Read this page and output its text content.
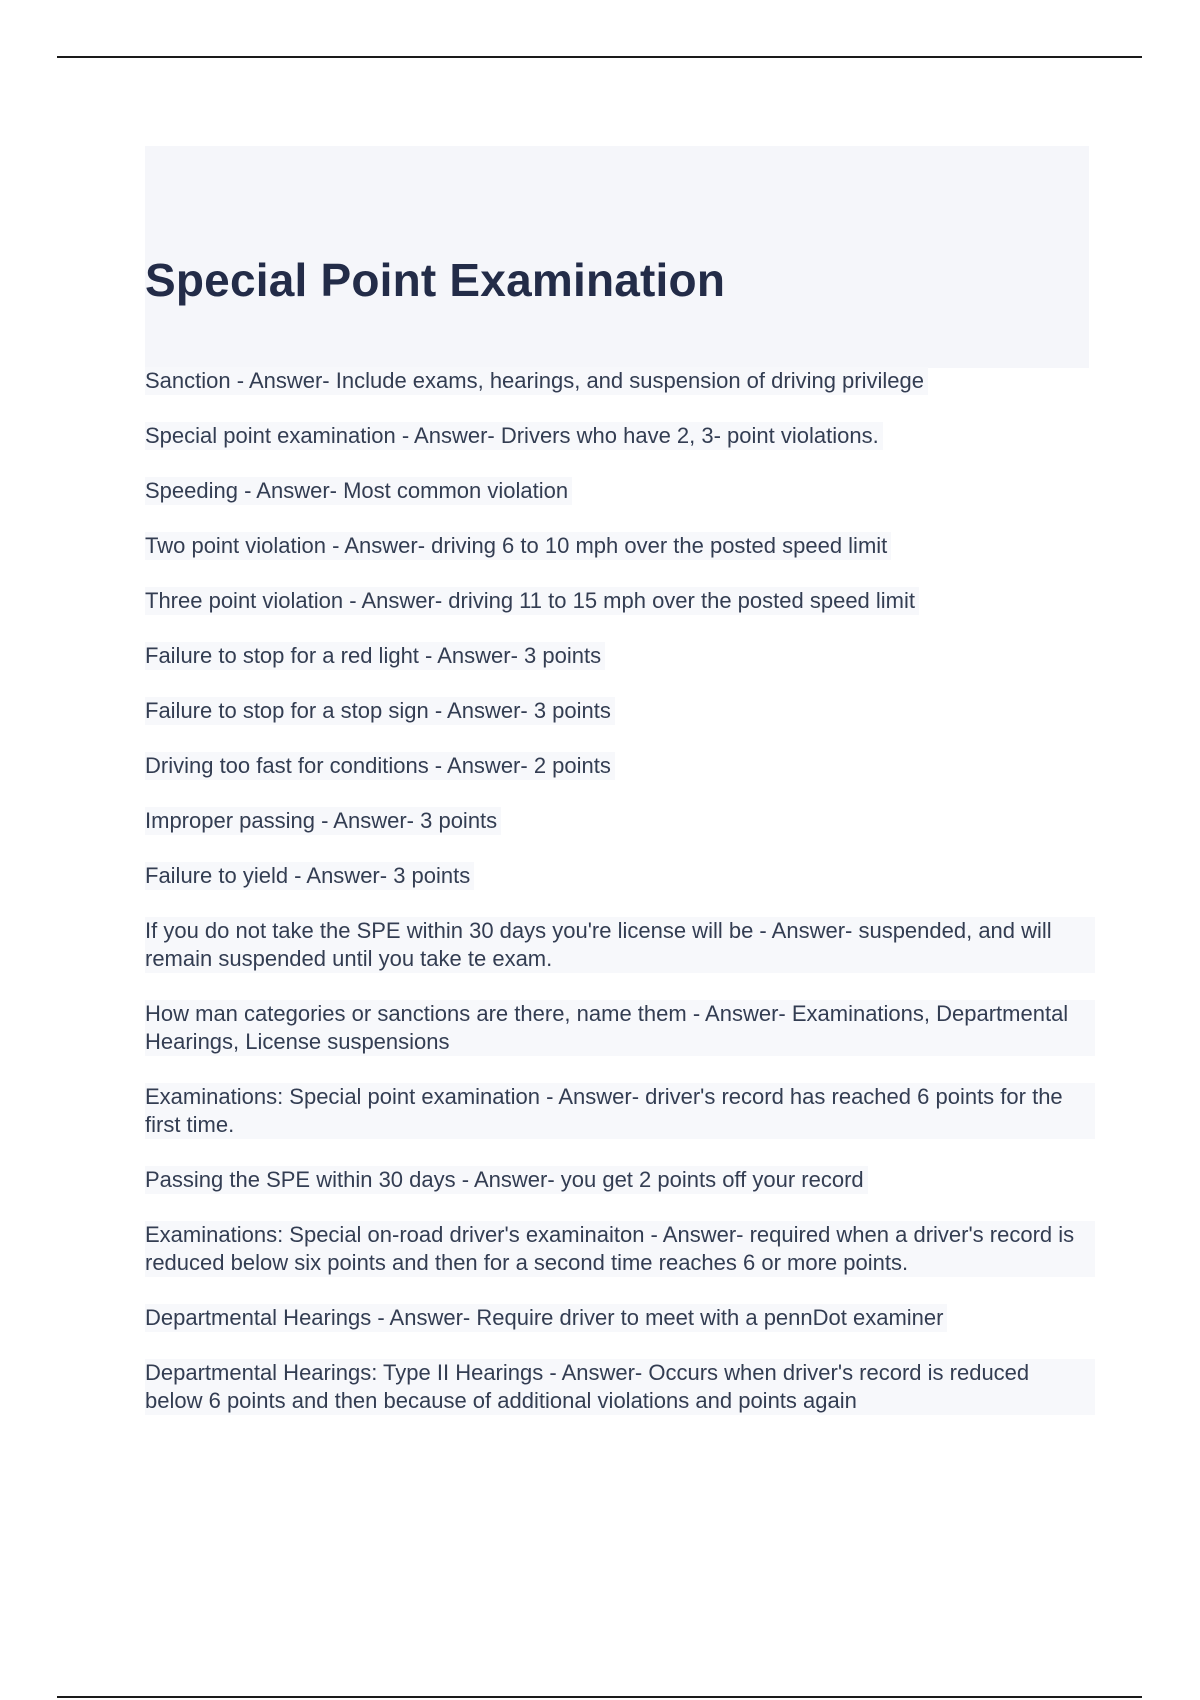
Special Point Examination
Sanction - Answer- Include exams, hearings, and suspension of driving privilege
Special point examination - Answer- Drivers who have 2, 3- point violations.
Speeding - Answer- Most common violation
Two point violation - Answer- driving 6 to 10 mph over the posted speed limit
Three point violation - Answer- driving 11 to 15 mph over the posted speed limit
Failure to stop for a red light - Answer- 3 points
Failure to stop for a stop sign - Answer- 3 points
Driving too fast for conditions - Answer- 2 points
Improper passing - Answer- 3 points
Failure to yield - Answer- 3 points
If you do not take the SPE within 30 days you're license will be - Answer- suspended, and will remain suspended until you take te exam.
How man categories or sanctions are there, name them - Answer- Examinations, Departmental Hearings, License suspensions
Examinations: Special point examination - Answer- driver's record has reached 6 points for the first time.
Passing the SPE within 30 days - Answer- you get 2 points off your record
Examinations: Special on-road driver's examinaiton - Answer- required when a driver's record is reduced below six points and then for a second time reaches 6 or more points.
Departmental Hearings - Answer- Require driver to meet with a pennDot examiner
Departmental Hearings: Type II Hearings - Answer- Occurs when driver's record is reduced below 6 points and then because of additional violations and points again
